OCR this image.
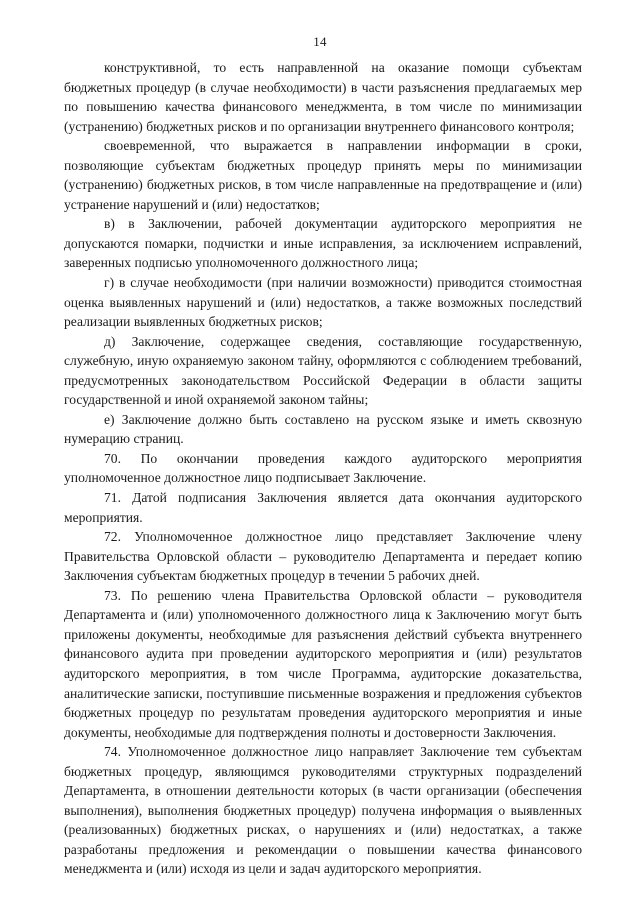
14

конструктивной, то есть направленной на оказание помощи субъектам бюджетных процедур (в случае необходимости) в части разъяснения предлагаемых мер по повышению качества финансового менеджмента, в том числе по минимизации (устранению) бюджетных рисков и по организации внутреннего финансового контроля;

своевременной, что выражается в направлении информации в сроки, позволяющие субъектам бюджетных процедур принять меры по минимизации (устранению) бюджетных рисков, в том числе направленные на предотвращение и (или) устранение нарушений и (или) недостатков;

в) в Заключении, рабочей документации аудиторского мероприятия не допускаются помарки, подчистки и иные исправления, за исключением исправлений, заверенных подписью уполномоченного должностного лица;

г) в случае необходимости (при наличии возможности) приводится стоимостная оценка выявленных нарушений и (или) недостатков, а также возможных последствий реализации выявленных бюджетных рисков;

д) Заключение, содержащее сведения, составляющие государственную, служебную, иную охраняемую законом тайну, оформляются с соблюдением требований, предусмотренных законодательством Российской Федерации в области защиты государственной и иной охраняемой законом тайны;

е) Заключение должно быть составлено на русском языке и иметь сквозную нумерацию страниц.

70. По окончании проведения каждого аудиторского мероприятия уполномоченное должностное лицо подписывает Заключение.

71. Датой подписания Заключения является дата окончания аудиторского мероприятия.

72. Уполномоченное должностное лицо представляет Заключение члену Правительства Орловской области – руководителю Департамента и передает копию Заключения субъектам бюджетных процедур в течении 5 рабочих дней.

73. По решению члена Правительства Орловской области – руководителя Департамента и (или) уполномоченного должностного лица к Заключению могут быть приложены документы, необходимые для разъяснения действий субъекта внутреннего финансового аудита при проведении аудиторского мероприятия и (или) результатов аудиторского мероприятия, в том числе Программа, аудиторские доказательства, аналитические записки, поступившие письменные возражения и предложения субъектов бюджетных процедур по результатам проведения аудиторского мероприятия и иные документы, необходимые для подтверждения полноты и достоверности Заключения.

74. Уполномоченное должностное лицо направляет Заключение тем субъектам бюджетных процедур, являющимся руководителями структурных подразделений Департамента, в отношении деятельности которых (в части организации (обеспечения выполнения), выполнения бюджетных процедур) получена информация о выявленных (реализованных) бюджетных рисках, о нарушениях и (или) недостатках, а также разработаны предложения и рекомендации о повышении качества финансового менеджмента и (или) исходя из цели и задач аудиторского мероприятия.
